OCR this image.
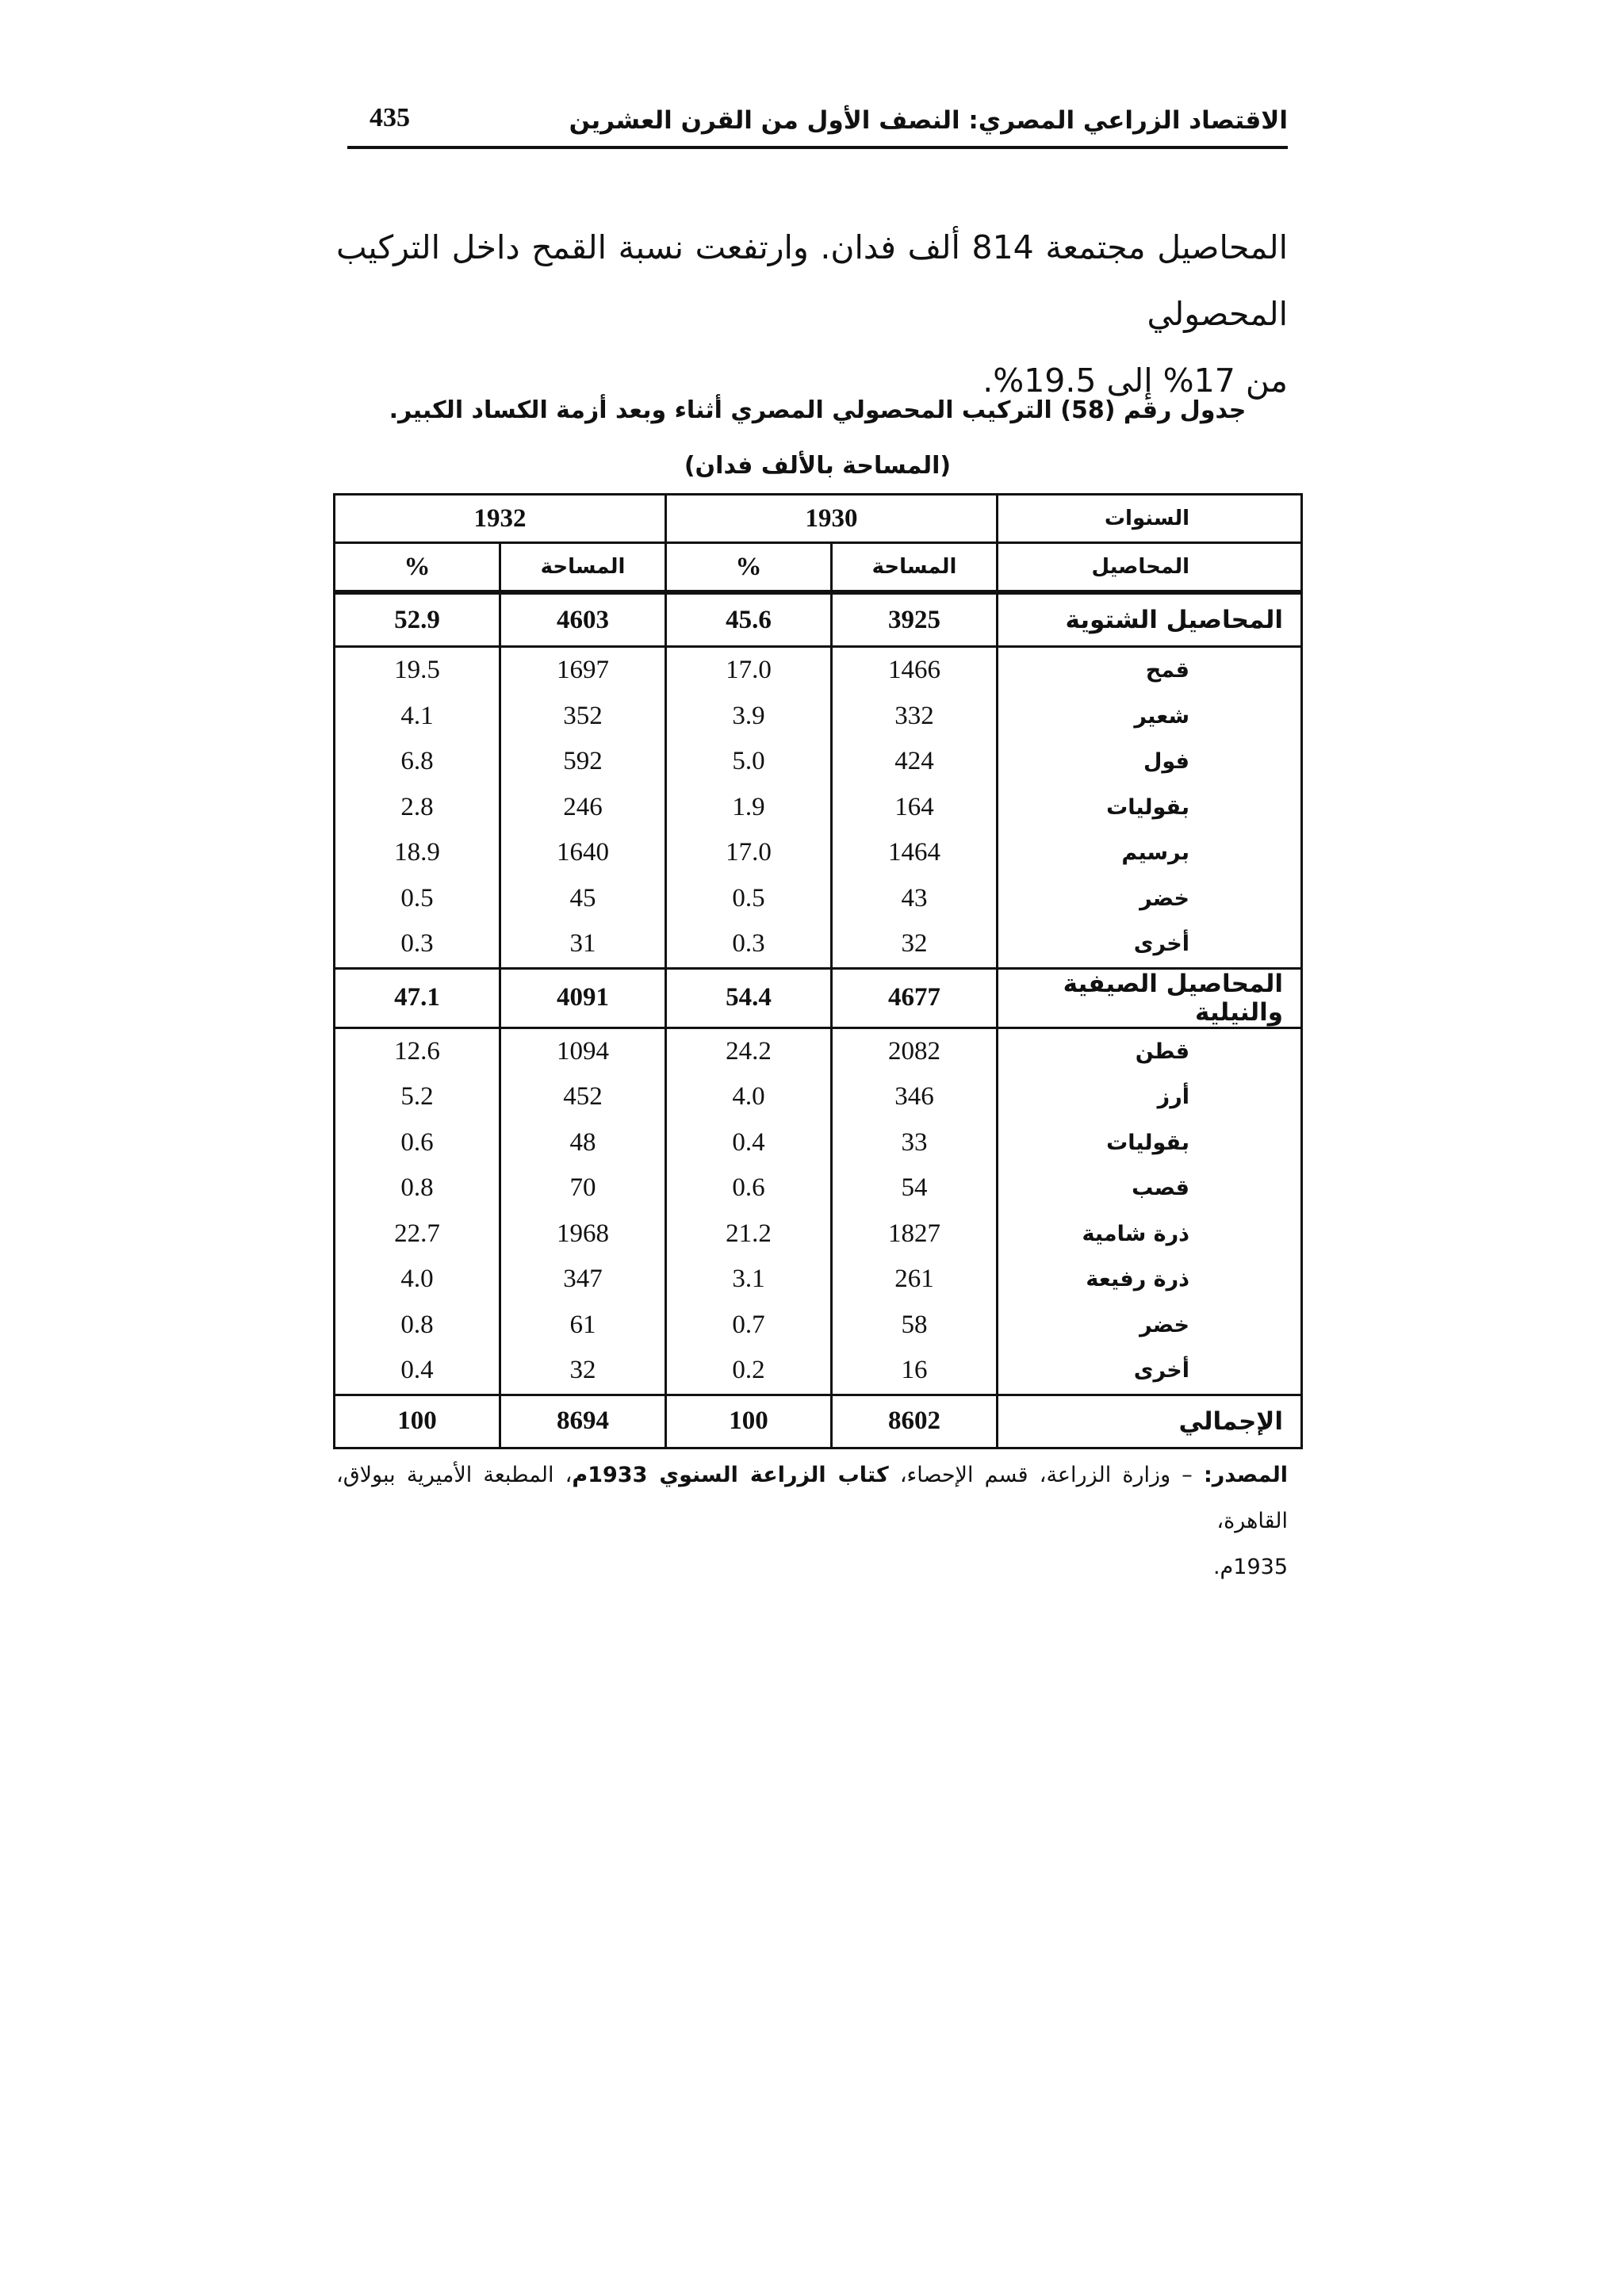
الاقتصاد الزراعي المصري: النصف الأول من القرن العشرين
435
المحاصيل مجتمعة 814 ألف فدان. وارتفعت نسبة القمح داخل التركيب المحصولي
من 17% إلى 19.5%.
جدول رقم (58) التركيب المحصولي المصري أثناء وبعد أزمة الكساد الكبير.
(المساحة بالألف فدان)
السنوات	1930		1932	
المحاصيل	المساحة	%	المساحة	%
المحاصيل الشتوية	3925	45.6	4603	52.9
قمح	1466	17.0	1697	19.5
شعير	332	3.9	352	4.1
فول	424	5.0	592	6.8
بقوليات	164	1.9	246	2.8
برسيم	1464	17.0	1640	18.9
خضر	43	0.5	45	0.5
أخرى	32	0.3	31	0.3
المحاصيل الصيفية والنيلية	4677	54.4	4091	47.1
قطن	2082	24.2	1094	12.6
أرز	346	4.0	452	5.2
بقوليات	33	0.4	48	0.6
قصب	54	0.6	70	0.8
ذرة شامية	1827	21.2	1968	22.7
ذرة رفيعة	261	3.1	347	4.0
خضر	58	0.7	61	0.8
أخرى	16	0.2	32	0.4
الإجمالي	8602	100	8694	100
المصدر: – وزارة الزراعة، قسم الإحصاء، كتاب الزراعة السنوي 1933م، المطبعة الأميرية ببولاق، القاهرة،
1935م.
